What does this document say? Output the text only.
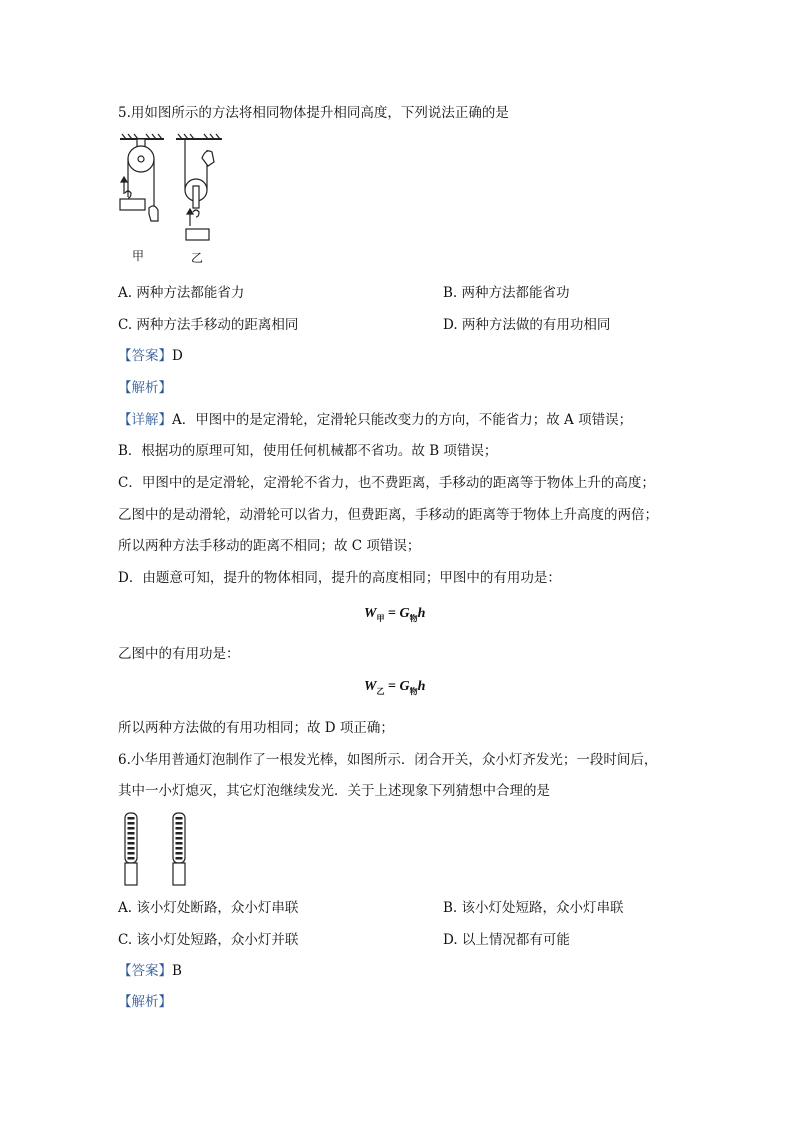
5.用如图所示的方法将相同物体提升相同高度，下列说法正确的是
甲	乙
A. 两种方法都能省力	B. 两种方法都能省功
C. 两种方法手移动的距离相同	D. 两种方法做的有用功相同
【答案】D
【解析】
【详解】A．甲图中的是定滑轮，定滑轮只能改变力的方向，不能省力；故 A 项错误；
B．根据功的原理可知，使用任何机械都不省功。故 B 项错误；
C．甲图中的是定滑轮，定滑轮不省力，也不费距离，手移动的距离等于物体上升的高度；
乙图中的是动滑轮，动滑轮可以省力，但费距离，手移动的距离等于物体上升高度的两倍；
所以两种方法手移动的距离不相同；故 C 项错误；
D．由题意可知，提升的物体相同，提升的高度相同；甲图中的有用功是：
$W_甲 = G_物h$
乙图中的有用功是：
$W_乙 = G_物h$
所以两种方法做的有用功相同；故 D 项正确；
6.小华用普通灯泡制作了一根发光棒，如图所示．闭合开关，众小灯齐发光；一段时间后，
其中一小灯熄灭，其它灯泡继续发光．关于上述现象下列猜想中合理的是
A. 该小灯处断路，众小灯串联	B. 该小灯处短路，众小灯串联
C. 该小灯处短路，众小灯并联	D. 以上情况都有可能
【答案】B
【解析】
